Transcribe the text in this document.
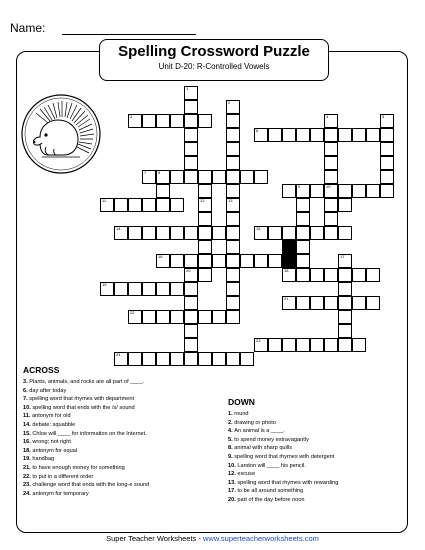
Name:
Spelling Crossword Puzzle
Unit D-20: R-Controlled Vowels
1
2
13
4
10
5
8
12
9
17
20
3
6
7
11
14	15
16
18
19
21
22
23
24
ACROSS
3. Plants, animals, and rocks are all part of ____.
6. day after today
7. spelling word that rhymes with department
10. spelling word that ends with the /s/ sound
11. antonym for old
14. debate: squabble
15. Chloe will ____ for information on the Internet.
16. wrong; not right
18. antonym for equal
19. handbag
21. to have enough money for something
22. to put in a different order
23. challenge word that ends with the long-e sound
24. antonym for temporary
DOWN
1. round
2. drawing or photo
4. An animal is a ____.
5. to spend money extravagantly
8. animal with sharp quills
9. spelling word that rhymes with detergent
10. Landon will ____ his pencil.
12. excuse
13. spelling word that rhymes with rewarding
17. to be all around something
20. part of the day before noon
Super Teacher Worksheets - www.superteacherworksheets.com
